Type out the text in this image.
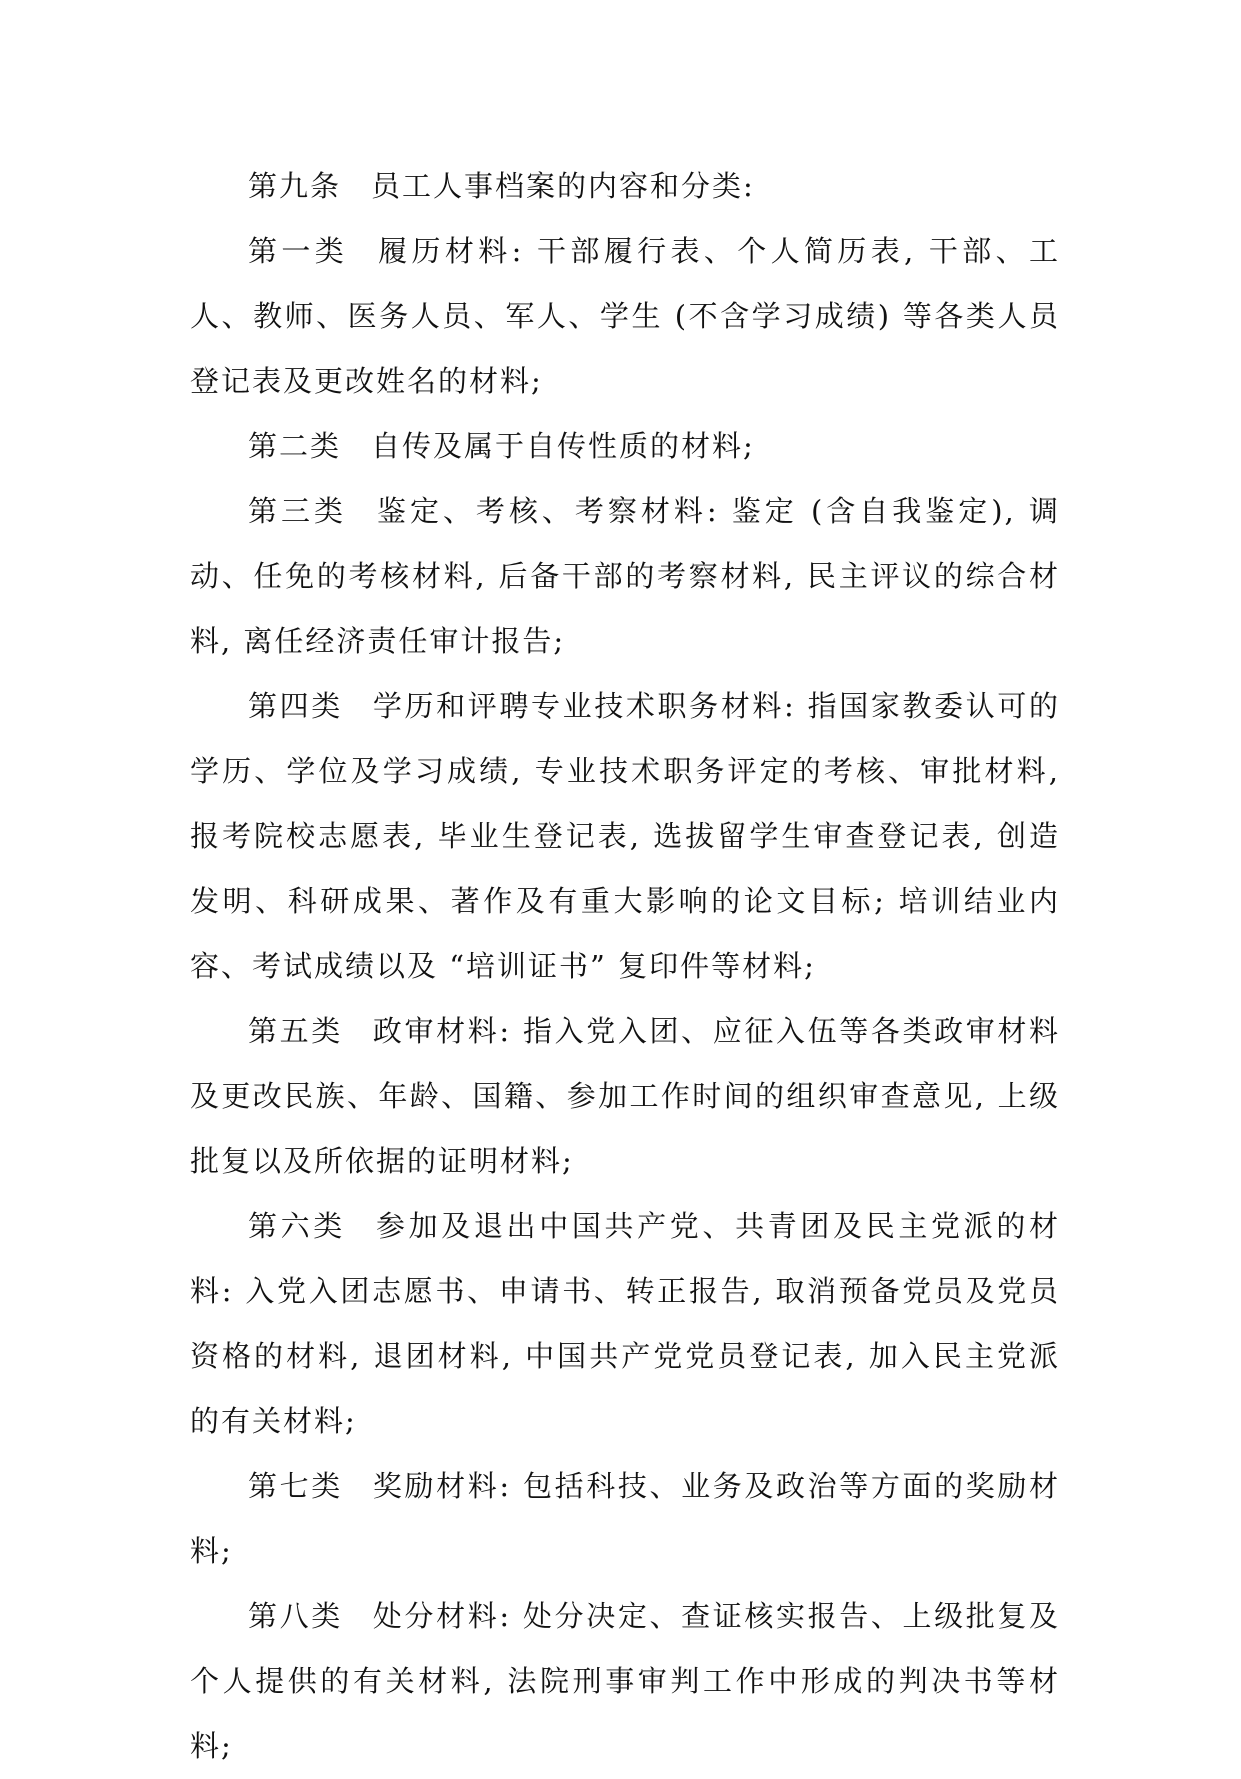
第九条 员工人事档案的内容和分类:

第一类 履历材料: 干部履行表、个人简历表, 干部、工人、教师、医务人员、军人、学生 (不含学习成绩) 等各类人员登记表及更改姓名的材料;

第二类 自传及属于自传性质的材料;

第三类 鉴定、考核、考察材料: 鉴定 (含自我鉴定), 调动、任免的考核材料, 后备干部的考察材料, 民主评议的综合材料, 离任经济责任审计报告;

第四类 学历和评聘专业技术职务材料: 指国家教委认可的学历、学位及学习成绩, 专业技术职务评定的考核、审批材料, 报考院校志愿表, 毕业生登记表, 选拔留学生审查登记表, 创造发明、科研成果、著作及有重大影响的论文目标; 培训结业内容、考试成绩以及 “培训证书” 复印件等材料;

第五类 政审材料: 指入党入团、应征入伍等各类政审材料及更改民族、年龄、国籍、参加工作时间的组织审查意见, 上级批复以及所依据的证明材料;

第六类 参加及退出中国共产党、共青团及民主党派的材料: 入党入团志愿书、申请书、转正报告, 取消预备党员及党员资格的材料, 退团材料, 中国共产党党员登记表, 加入民主党派的有关材料;

第七类 奖励材料: 包括科技、业务及政治等方面的奖励材料;

第八类 处分材料: 处分决定、查证核实报告、上级批复及个人提供的有关材料, 法院刑事审判工作中形成的判决书等材料;
